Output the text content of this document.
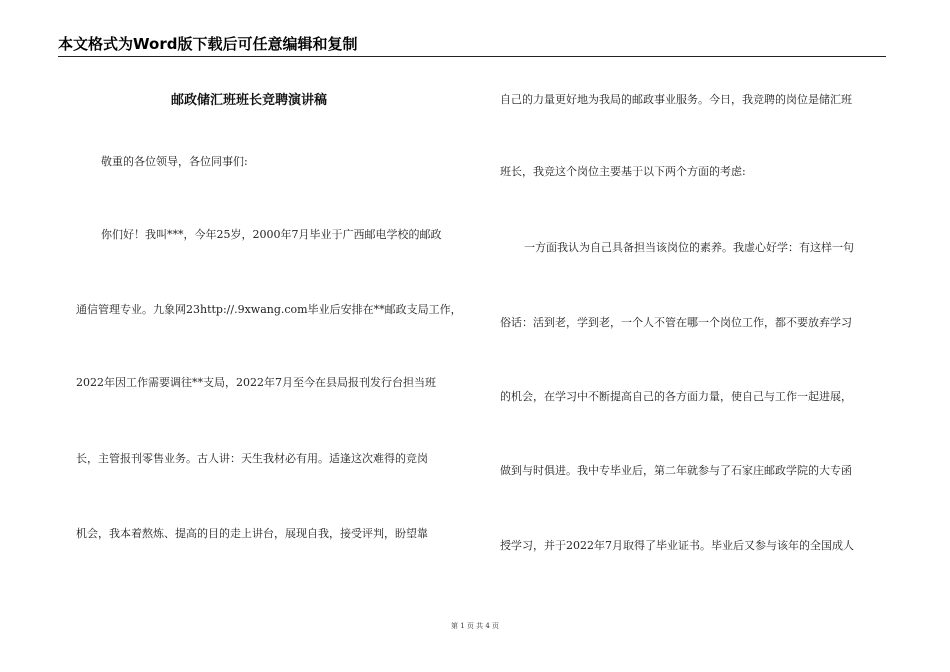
本文格式为Word版下载后可任意编辑和复制
邮政储汇班班长竞聘演讲稿
敬重的各位领导，各位同事们:
你们好！我叫***，今年25岁，2000年7月毕业于广西邮电学校的邮政
通信管理专业。九象网23http://.9xwang.com毕业后安排在**邮政支局工作，
2022年因工作需要调往**支局，2022年7月至今在县局报刊发行台担当班
长，主管报刊零售业务。古人讲：天生我材必有用。适逢这次难得的竞岗
机会，我本着熬炼、提高的目的走上讲台，展现自我，接受评判，盼望靠
自己的力量更好地为我局的邮政事业服务。今日，我竞聘的岗位是储汇班
班长，我竞这个岗位主要基于以下两个方面的考虑:
一方面我认为自己具备担当该岗位的素养。我虚心好学：有这样一句
俗话：活到老，学到老，一个人不管在哪一个岗位工作，都不要放弃学习
的机会，在学习中不断提高自己的各方面力量，使自己与工作一起进展，
做到与时俱进。我中专毕业后，第二年就参与了石家庄邮政学院的大专函
授学习，并于2022年7月取得了毕业证书。毕业后又参与该年的全国成人
第 1 页 共 4 页
